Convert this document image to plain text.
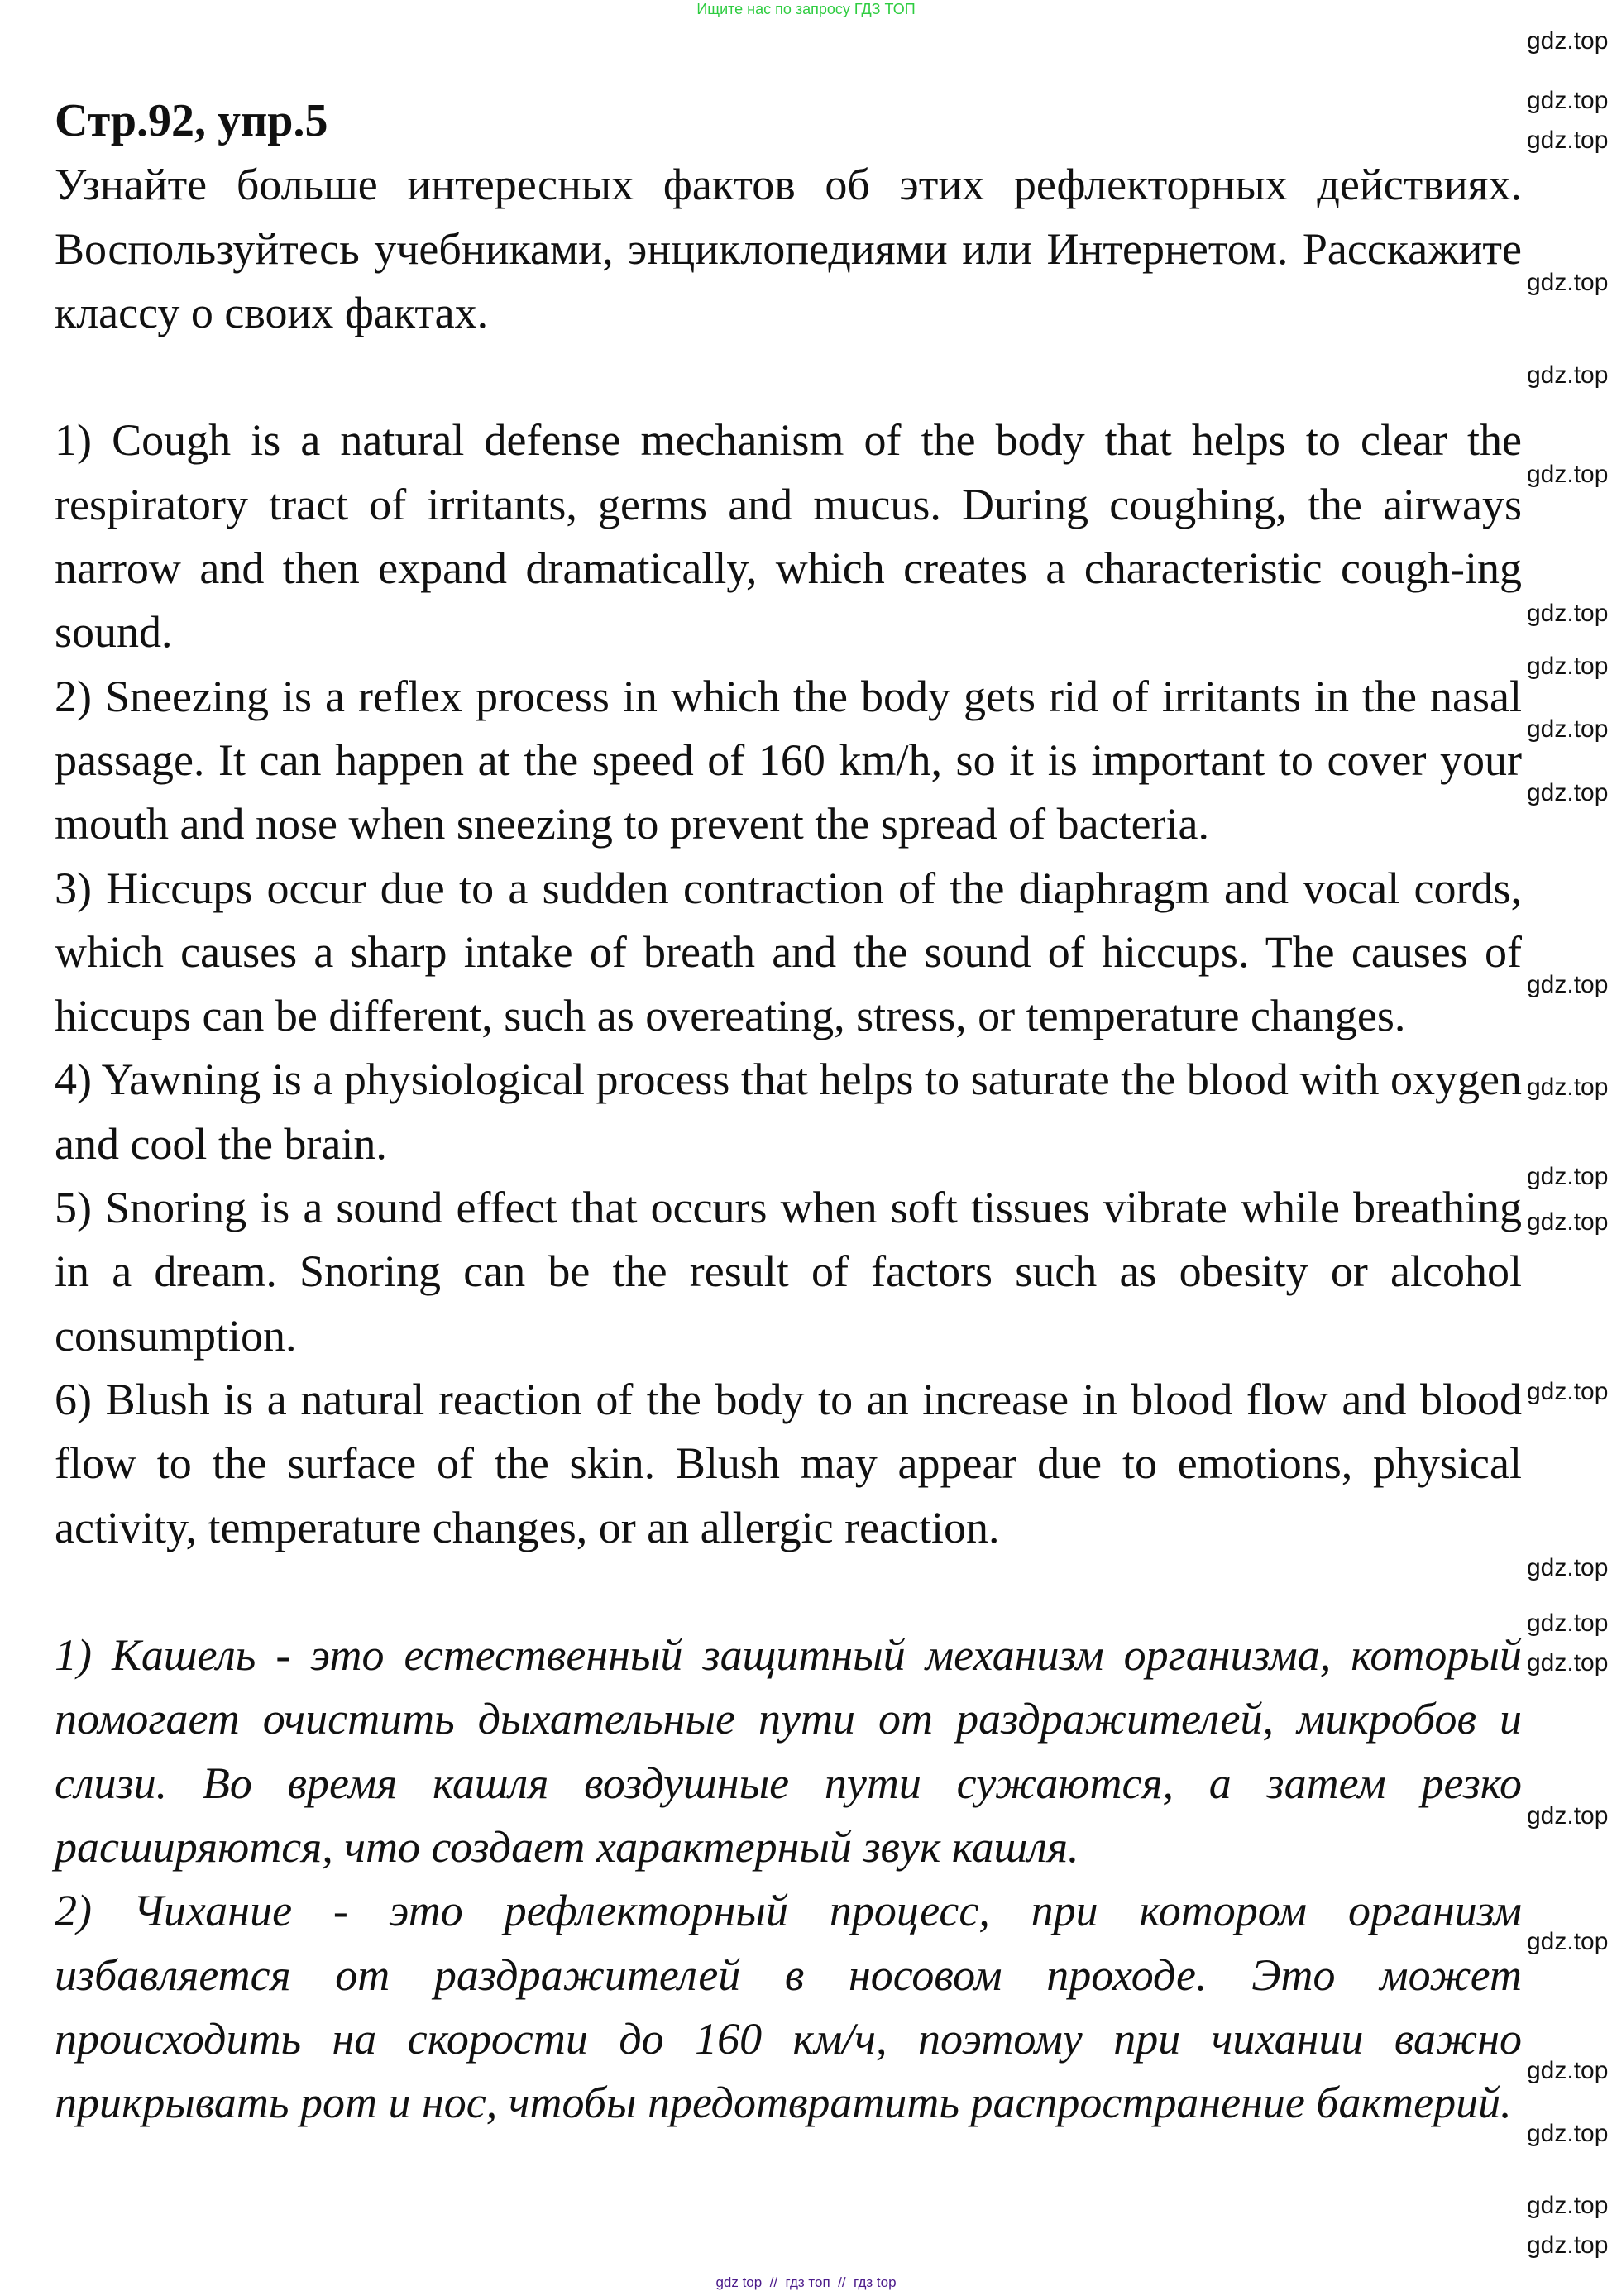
Ищите нас по запросу ГДЗ ТОП
Стр.92, упр.5

Узнайте больше интересных фактов об этих рефлекторных действиях. Воспользуйтесь учебниками, энциклопедиями или Интернетом. Расскажите классу о своих фактах.

1) Cough is a natural defense mechanism of the body that helps to clear the respiratory tract of irritants, germs and mucus. During coughing, the airways narrow and then expand dramatically, which creates a characteristic cough-ing sound.

2) Sneezing is a reflex process in which the body gets rid of irritants in the nasal passage. It can happen at the speed of 160 km/h, so it is important to cover your mouth and nose when sneezing to prevent the spread of bacteria.

3) Hiccups occur due to a sudden contraction of the diaphragm and vocal cords, which causes a sharp intake of breath and the sound of hiccups. The causes of hiccups can be different, such as overeating, stress, or temperature changes.

4) Yawning is a physiological process that helps to saturate the blood with oxygen and cool the brain.

5) Snoring is a sound effect that occurs when soft tissues vibrate while breathing in a dream. Snoring can be the result of factors such as obesity or alcohol consumption.

6) Blush is a natural reaction of the body to an increase in blood flow and blood flow to the surface of the skin. Blush may appear due to emotions, physical activity, temperature changes, or an allergic reaction.

1) Кашель - это естественный защитный механизм организма, который помогает очистить дыхательные пути от раздражителей, микробов и слизи. Во время кашля воздушные пути сужаются, а затем резко расширяются, что создает характерный звук кашля.

2) Чихание - это рефлекторный процесс, при котором организм избавляется от раздражителей в носовом проходе. Это может происходить на скорости до 160 км/ч, поэтому при чихании важно прикрывать рот и нос, чтобы предотвратить распространение бактерий.

gdz.top
gdz.top
gdz.top
gdz.top
gdz.top
gdz.top
gdz.top
gdz.top
gdz.top
gdz.top
gdz.top
gdz.top
gdz.top
gdz.top
gdz.top
gdz.top
gdz.top
gdz.top
gdz.top
gdz.top
gdz.top
gdz.top
gdz.top
gdz.top
gdz top  //  гдз топ  //  гдз top
